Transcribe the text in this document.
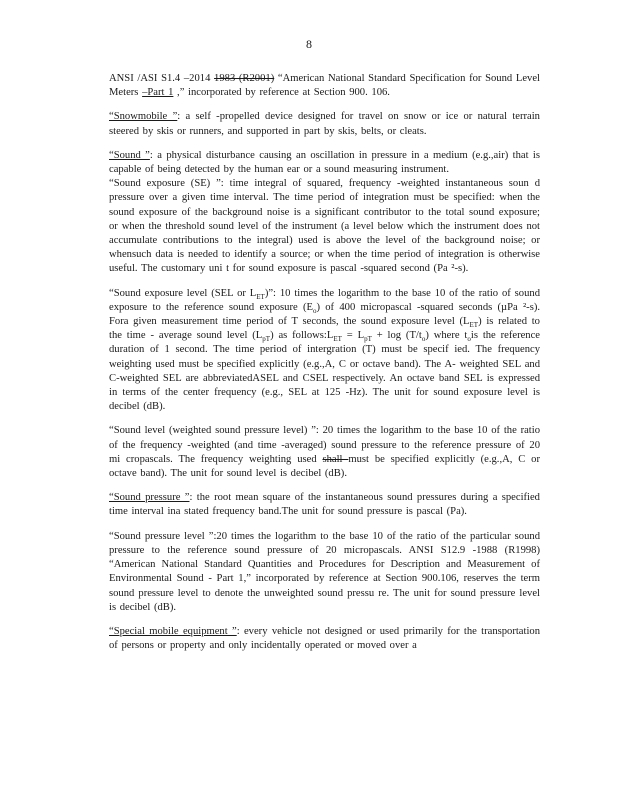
8

ANSI /ASI S1.4 –2014 1983 (R2001) “American National Standard Specification for Sound Level Meters –Part 1 ,” incorporated by reference at Section 900. 106.

“Snowmobile ”: a self -propelled device designed for travel on snow or ice or natural terrain steered by skis or runners, and supported in part by skis, belts, or cleats.

“Sound ”: a physical disturbance causing an oscillation in pressure in a medium (e.g.,air) that is capable of being detected by the human ear or a sound measuring instrument.

“Sound exposure (SE) ”: time integral of squared, frequency -weighted instantaneous soun d pressure over a given time interval. The time period of integration must be specified: when the sound exposure of the background noise is a significant contributor to the total sound exposure; or when the threshold sound level of the instrument (a level below which the instrument does not accumulate contributions to the integral) used is above the level of the background noise; or whensuch data is needed to identify a source; or when the time period of integration is otherwise useful. The customary uni t for sound exposure is pascal -squared second (Pa ²-s).

“Sound exposure level (SEL or $L_{ET}$)”: 10 times the logarithm to the base 10 of the ratio of sound exposure to the reference sound exposure $(E_o)$ of 400 micropascal -squared seconds (µPa ²-s). Fora given measurement time period of T seconds, the sound exposure level $(L_{ET})$ is related to the time - average sound level $(L_{pT})$ as $follows:L_{ET} = L_{pT} + \log (T/t_o)$ where $t_ois$ the reference duration of 1 second. The time period of intergration (T) must be specif ied. The frequency weighting used must be specified explicitly (e.g.,A, C or octave band). The A- weighted SEL and C-weighted SEL are abbreviatedASEL and CSEL respectively. An octave band SEL is expressed in terms of the center frequency (e.g., SEL at 125 -Hz). The unit for sound exposure level is decibel (dB).

“Sound level (weighted sound pressure level) ”: 20 times the logarithm to the base 10 of the ratio of the frequency -weighted (and time -averaged) sound pressure to the reference pressure of 20 mi cropascals. The frequency weighting used shall must be specified explicitly (e.g.,A, C or octave band). The unit for sound level is decibel (dB).

“Sound pressure ”: the root mean square of the instantaneous sound pressures during a specified time interval ina stated frequency band.The unit for sound pressure is pascal (Pa).

“Sound pressure level ”:20 times the logarithm to the base 10 of the ratio of the particular sound pressure to the reference sound pressure of 20 micropascals. ANSI S12.9 -1988 (R1998) “American National Standard Quantities and Procedures for Description and Measurement of Environmental Sound - Part 1,” incorporated by reference at Section 900.106, reserves the term sound pressure level to denote the unweighted sound pressu re. The unit for sound pressure level is decibel (dB).

“Special mobile equipment ”: every vehicle not designed or used primarily for the transportation of persons or property and only incidentally operated or moved over a
